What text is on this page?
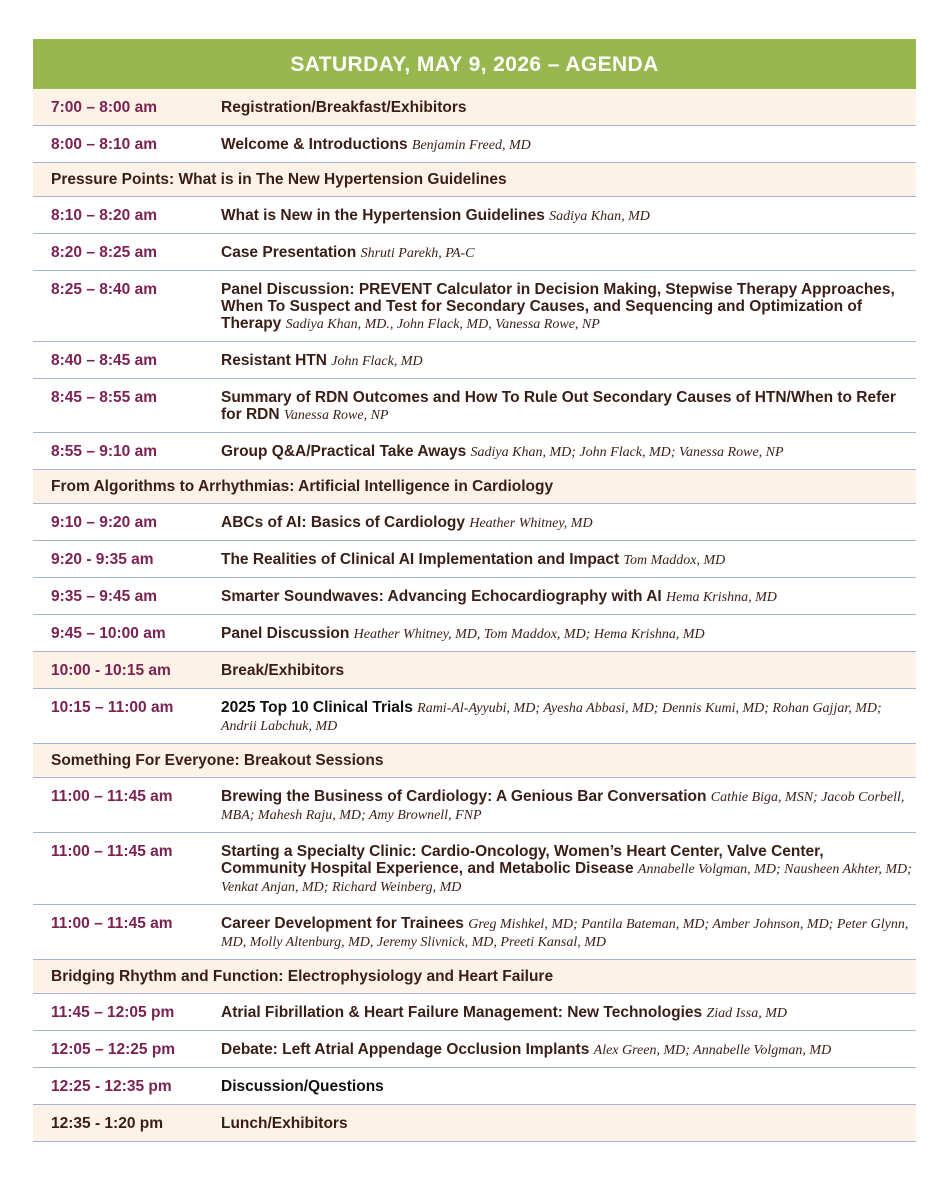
SATURDAY, MAY 9, 2026 – AGENDA
7:00 – 8:00 am	Registration/Breakfast/Exhibitors
8:00 – 8:10 am	Welcome & Introductions Benjamin Freed, MD
Pressure Points: What is in The New Hypertension Guidelines
8:10 – 8:20 am	What is New in the Hypertension Guidelines Sadiya Khan, MD
8:20 – 8:25 am	Case Presentation Shruti Parekh, PA-C
8:25 – 8:40 am	Panel Discussion: PREVENT Calculator in Decision Making, Stepwise Therapy Approaches, When To Suspect and Test for Secondary Causes, and Sequencing and Optimization of Therapy Sadiya Khan, MD., John Flack, MD, Vanessa Rowe, NP
8:40 – 8:45 am	Resistant HTN John Flack, MD
8:45 – 8:55 am	Summary of RDN Outcomes and How To Rule Out Secondary Causes of HTN/When to Refer for RDN Vanessa Rowe, NP
8:55 – 9:10 am	Group Q&A/Practical Take Aways Sadiya Khan, MD; John Flack, MD; Vanessa Rowe, NP
From Algorithms to Arrhythmias: Artificial Intelligence in Cardiology
9:10 – 9:20 am	ABCs of AI: Basics of Cardiology Heather Whitney, MD
9:20 - 9:35 am	The Realities of Clinical AI Implementation and Impact Tom Maddox, MD
9:35 – 9:45 am	Smarter Soundwaves: Advancing Echocardiography with AI Hema Krishna, MD
9:45 – 10:00 am	Panel Discussion Heather Whitney, MD, Tom Maddox, MD; Hema Krishna, MD
10:00 - 10:15 am	Break/Exhibitors
10:15 – 11:00 am	2025 Top 10 Clinical Trials Rami-Al-Ayyubi, MD; Ayesha Abbasi, MD; Dennis Kumi, MD; Rohan Gajjar, MD; Andrii Labchuk, MD
Something For Everyone: Breakout Sessions
11:00 – 11:45 am	Brewing the Business of Cardiology: A Genious Bar Conversation Cathie Biga, MSN; Jacob Corbell, MBA; Mahesh Raju, MD; Amy Brownell, FNP
11:00 – 11:45 am	Starting a Specialty Clinic: Cardio-Oncology, Women’s Heart Center, Valve Center, Community Hospital Experience, and Metabolic Disease Annabelle Volgman, MD; Nausheen Akhter, MD; Venkat Anjan, MD; Richard Weinberg, MD
11:00 – 11:45 am	Career Development for Trainees Greg Mishkel, MD; Pantila Bateman, MD; Amber Johnson, MD; Peter Glynn, MD, Molly Altenburg, MD, Jeremy Slivnick, MD, Preeti Kansal, MD
Bridging Rhythm and Function: Electrophysiology and Heart Failure
11:45 – 12:05 pm	Atrial Fibrillation & Heart Failure Management: New Technologies Ziad Issa, MD
12:05 – 12:25 pm	Debate: Left Atrial Appendage Occlusion Implants Alex Green, MD; Annabelle Volgman, MD
12:25 - 12:35 pm	Discussion/Questions
12:35 - 1:20 pm	Lunch/Exhibitors
